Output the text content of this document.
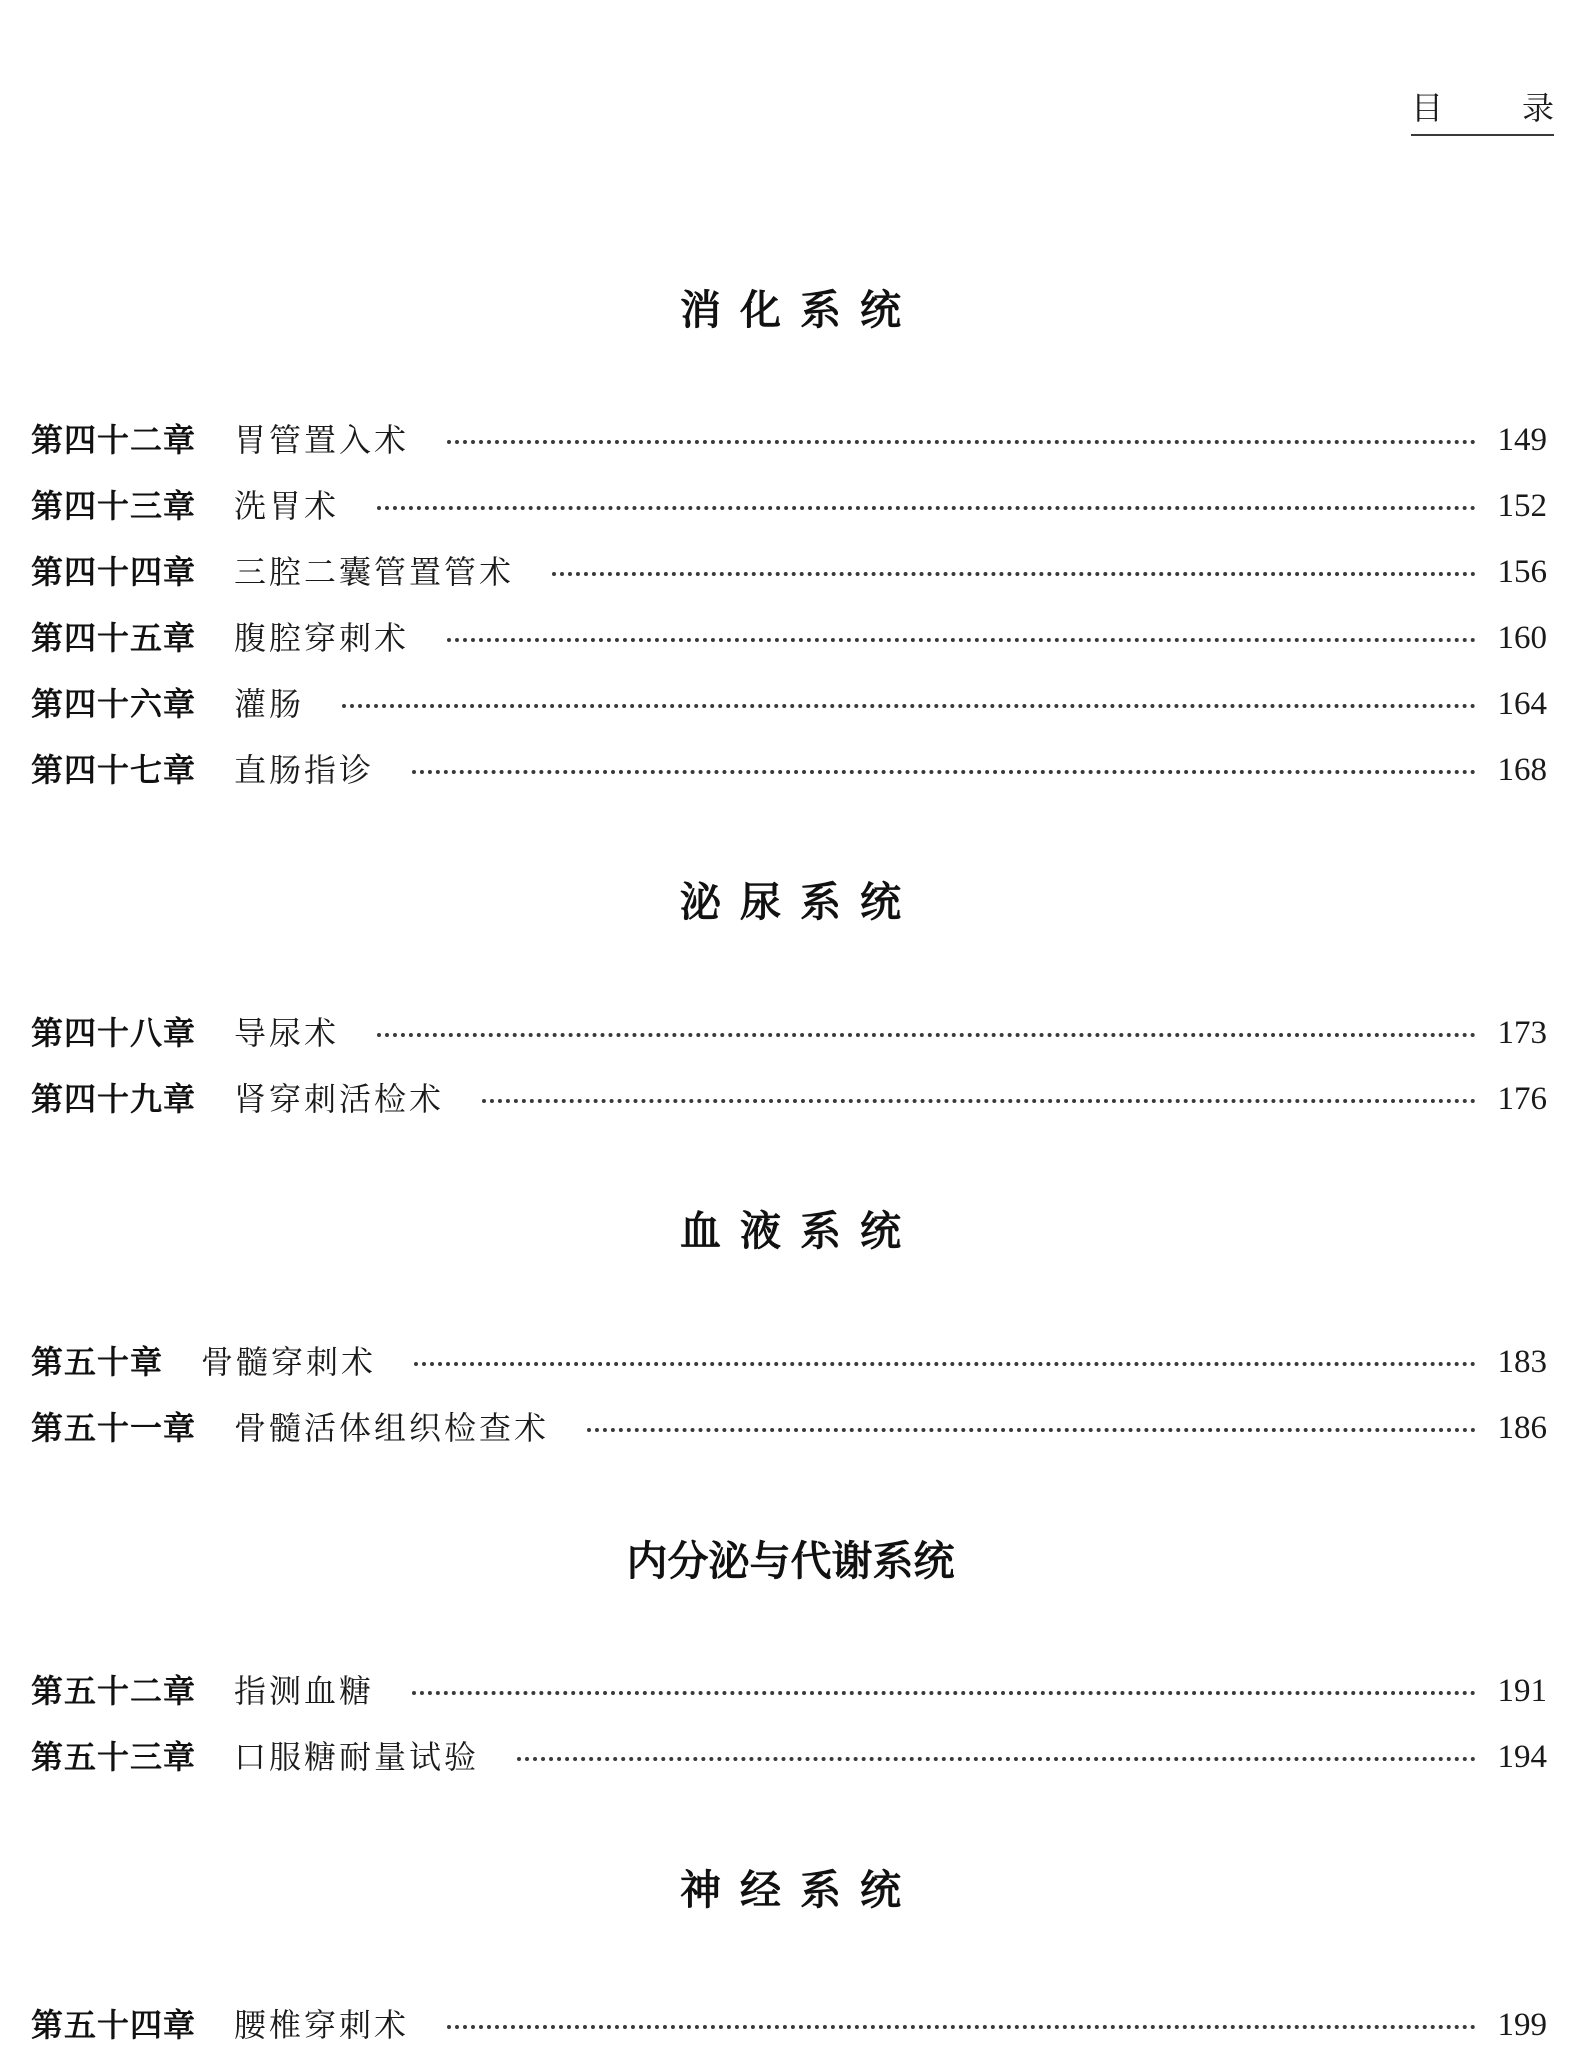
目 录
消化系统
第四十二章 胃管置入术	149
第四十三章 洗胃术	152
第四十四章 三腔二囊管置管术	156
第四十五章 腹腔穿刺术	160
第四十六章 灌肠	164
第四十七章 直肠指诊	168
泌尿系统
第四十八章 导尿术	173
第四十九章 肾穿刺活检术	176
血液系统
第五十章 骨髓穿刺术	183
第五十一章 骨髓活体组织检查术	186
内分泌与代谢系统
第五十二章 指测血糖	191
第五十三章 口服糖耐量试验	194
神经系统
第五十四章 腰椎穿刺术	199
